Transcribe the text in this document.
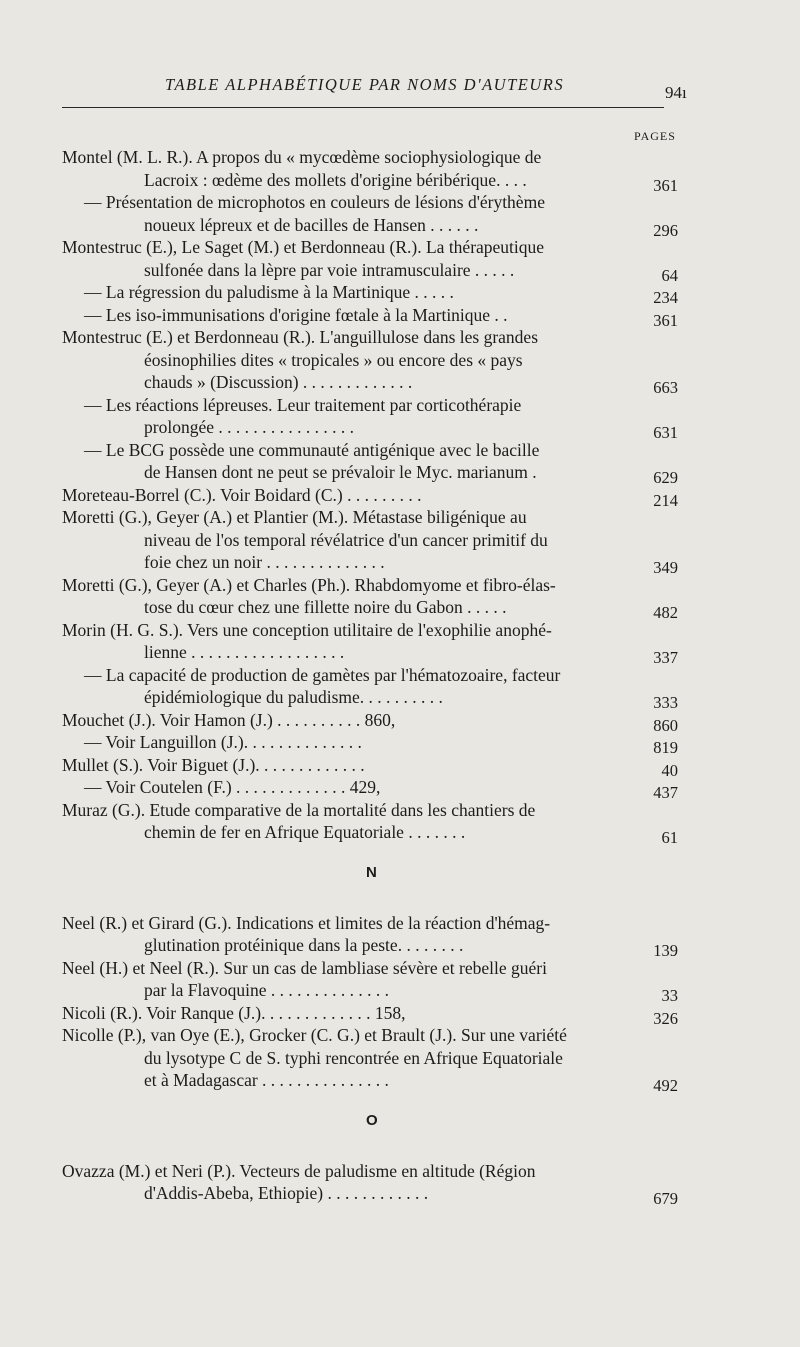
TABLE ALPHABÉTIQUE PAR NOMS D'AUTEURS	94ı
PAGES
Montel (M. L. R.). A propos du « mycœdème sociophysiologique de
Lacroix : œdème des mollets d'origine béribérique. . . .	361
— Présentation de microphotos en couleurs de lésions d'érythème
noueux lépreux et de bacilles de Hansen . . . . . .	296
Montestruc (E.), Le Saget (M.) et Berdonneau (R.). La thérapeutique
sulfonée dans la lèpre par voie intramusculaire . . . . .	64
— La régression du paludisme à la Martinique . . . . .	234
— Les iso-immunisations d'origine fœtale à la Martinique . .	361
Montestruc (E.) et Berdonneau (R.). L'anguillulose dans les grandes
éosinophilies dites « tropicales » ou encore des « pays
chauds » (Discussion) . . . . . . . . . . . . .	663
— Les réactions lépreuses. Leur traitement par corticothérapie
prolongée . . . . . . . . . . . . . . . .	631
— Le BCG possède une communauté antigénique avec le bacille
de Hansen dont ne peut se prévaloir le Myc. marianum .	629
Moreteau-Borrel (C.). Voir Boidard (C.) . . . . . . . . .	214
Moretti (G.), Geyer (A.) et Plantier (M.). Métastase biligénique au
niveau de l'os temporal révélatrice d'un cancer primitif du
foie chez un noir . . . . . . . . . . . . . .	349
Moretti (G.), Geyer (A.) et Charles (Ph.). Rhabdomyome et fibro-élas-
tose du cœur chez une fillette noire du Gabon . . . . .	482
Morin (H. G. S.). Vers une conception utilitaire de l'exophilie anophé-
lienne . . . . . . . . . . . . . . . . . .	337
— La capacité de production de gamètes par l'hématozoaire, facteur
épidémiologique du paludisme. . . . . . . . . .	333
Mouchet (J.). Voir Hamon (J.) . . . . . . . . . . 860,	860
— Voir Languillon (J.). . . . . . . . . . . . . .	819
Mullet (S.). Voir Biguet (J.). . . . . . . . . . . . .	40
— Voir Coutelen (F.) . . . . . . . . . . . . . 429,	437
Muraz (G.). Etude comparative de la mortalité dans les chantiers de
chemin de fer en Afrique Equatoriale . . . . . . .	61
N
Neel (R.) et Girard (G.). Indications et limites de la réaction d'hémag-
glutination protéinique dans la peste. . . . . . . .	139
Neel (H.) et Neel (R.). Sur un cas de lambliase sévère et rebelle guéri
par la Flavoquine . . . . . . . . . . . . . .	33
Nicoli (R.). Voir Ranque (J.). . . . . . . . . . . . . 158,	326
Nicolle (P.), van Oye (E.), Grocker (C. G.) et Brault (J.). Sur une variété
du lysotype C de S. typhi rencontrée en Afrique Equatoriale
et à Madagascar . . . . . . . . . . . . . . .	492
O
Ovazza (M.) et Neri (P.). Vecteurs de paludisme en altitude (Région
d'Addis-Abeba, Ethiopie) . . . . . . . . . . . .	679
